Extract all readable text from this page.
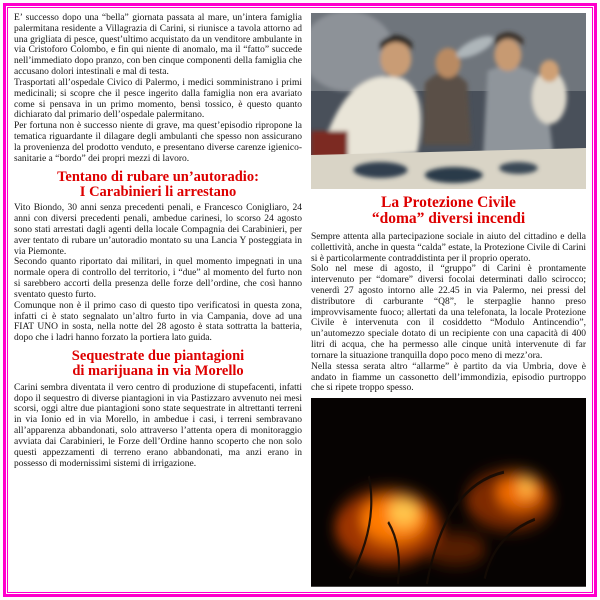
E’ successo dopo una “bella” giornata passata al mare, un’intera famiglia palermitana residente a Villagrazia di Carini, si riunisce a tavola attorno ad una grigliata di pesce, quest’ultimo acquistato da un venditore ambulante in via Cristoforo Colombo, e fin qui niente di anomalo, ma il “fatto” succede nell’immediato dopo pranzo, con ben cinque componenti della famiglia che accusano dolori intestinali e mal di testa.

Trasportati all’ospedale Civico di Palermo, i medici somministrano i primi medicinali; si scopre che il pesce ingerito dalla famiglia non era avariato come si pensava in un primo momento, bensì tossico, è questo quanto dichiarato dal primario dell’ospedale palermitano.

Per fortuna non è successo niente di grave, ma quest’episodio ripropone la tematica riguardante il dilagare degli ambulanti che spesso non assicurano la provenienza del prodotto venduto, e presentano diverse carenze igienico-sanitarie a “bordo” dei propri mezzi di lavoro.

Tentano di rubare un’autoradio:
I Carabinieri li arrestano

Vito Biondo, 30 anni senza precedenti penali, e Francesco Conigliaro, 24 anni con diversi precedenti penali, ambedue carinesi, lo scorso 24 agosto sono stati arrestati dagli agenti della locale Compagnia dei Carabinieri, per aver tentato di rubare un’autoradio montato su una Lancia Y posteggiata in via Piemonte.

Secondo quanto riportato dai militari, in quel momento impegnati in una normale opera di controllo del territorio, i “due” al momento del furto non si sarebbero accorti della presenza delle forze dell’ordine, che così hanno sventato questo furto.

Comunque non è il primo caso di questo tipo verificatosi in questa zona, infatti ci è stato segnalato un’altro furto in via Campania, dove ad una FIAT UNO in sosta, nella notte del 28 agosto è stata sottratta la batteria, dopo che i ladri hanno forzato la portiera lato guida.

Sequestrate due piantagioni
di marijuana in via Morello

Carini sembra diventata il vero centro di produzione di stupefacenti, infatti dopo il sequestro di diverse piantagioni in via Pastizzaro avvenuto nei mesi scorsi, oggi altre due piantagioni sono state sequestrate in altrettanti terreni in via Ionio ed in via Morello, in ambedue i casi, i terreni sembravano all’apparenza abbandonati, solo attraverso l’attenta opera di monitoraggio avviata dai Carabinieri, le Forze dell’Ordine hanno scoperto che non solo questi appezzamenti di terreno erano abbandonati, ma anzi erano in possesso di modernissimi sistemi di irrigazione.

La Protezione Civile
“doma” diversi incendi

Sempre attenta alla partecipazione sociale in aiuto del cittadino e della collettività, anche in questa “calda” estate, la Protezione Civile di Carini si è particolarmente contraddistinta per il proprio operato.

Solo nel mese di agosto, il “gruppo” di Carini è prontamente intervenuto per “domare” diversi focolai determinati dallo scirocco; venerdì 27 agosto intorno alle 22.45 in via Palermo, nei pressi del distributore di carburante “Q8”, le sterpaglie hanno preso improvvisamente fuoco; allertati da una telefonata, la locale Protezione Civile è intervenuta con il cosiddetto “Modulo Antincendio”, un’automezzo speciale dotato di un recipiente con una capacità di 400 litri di acqua, che ha permesso alle cinque unità intervenute di far tornare la situazione tranquilla dopo poco meno di mezz’ora.

Nella stessa serata altro “allarme” è partito da via Umbria, dove è andato in fiamme un cassonetto dell’immondizia, episodio purtroppo che si ripete troppo spesso.
